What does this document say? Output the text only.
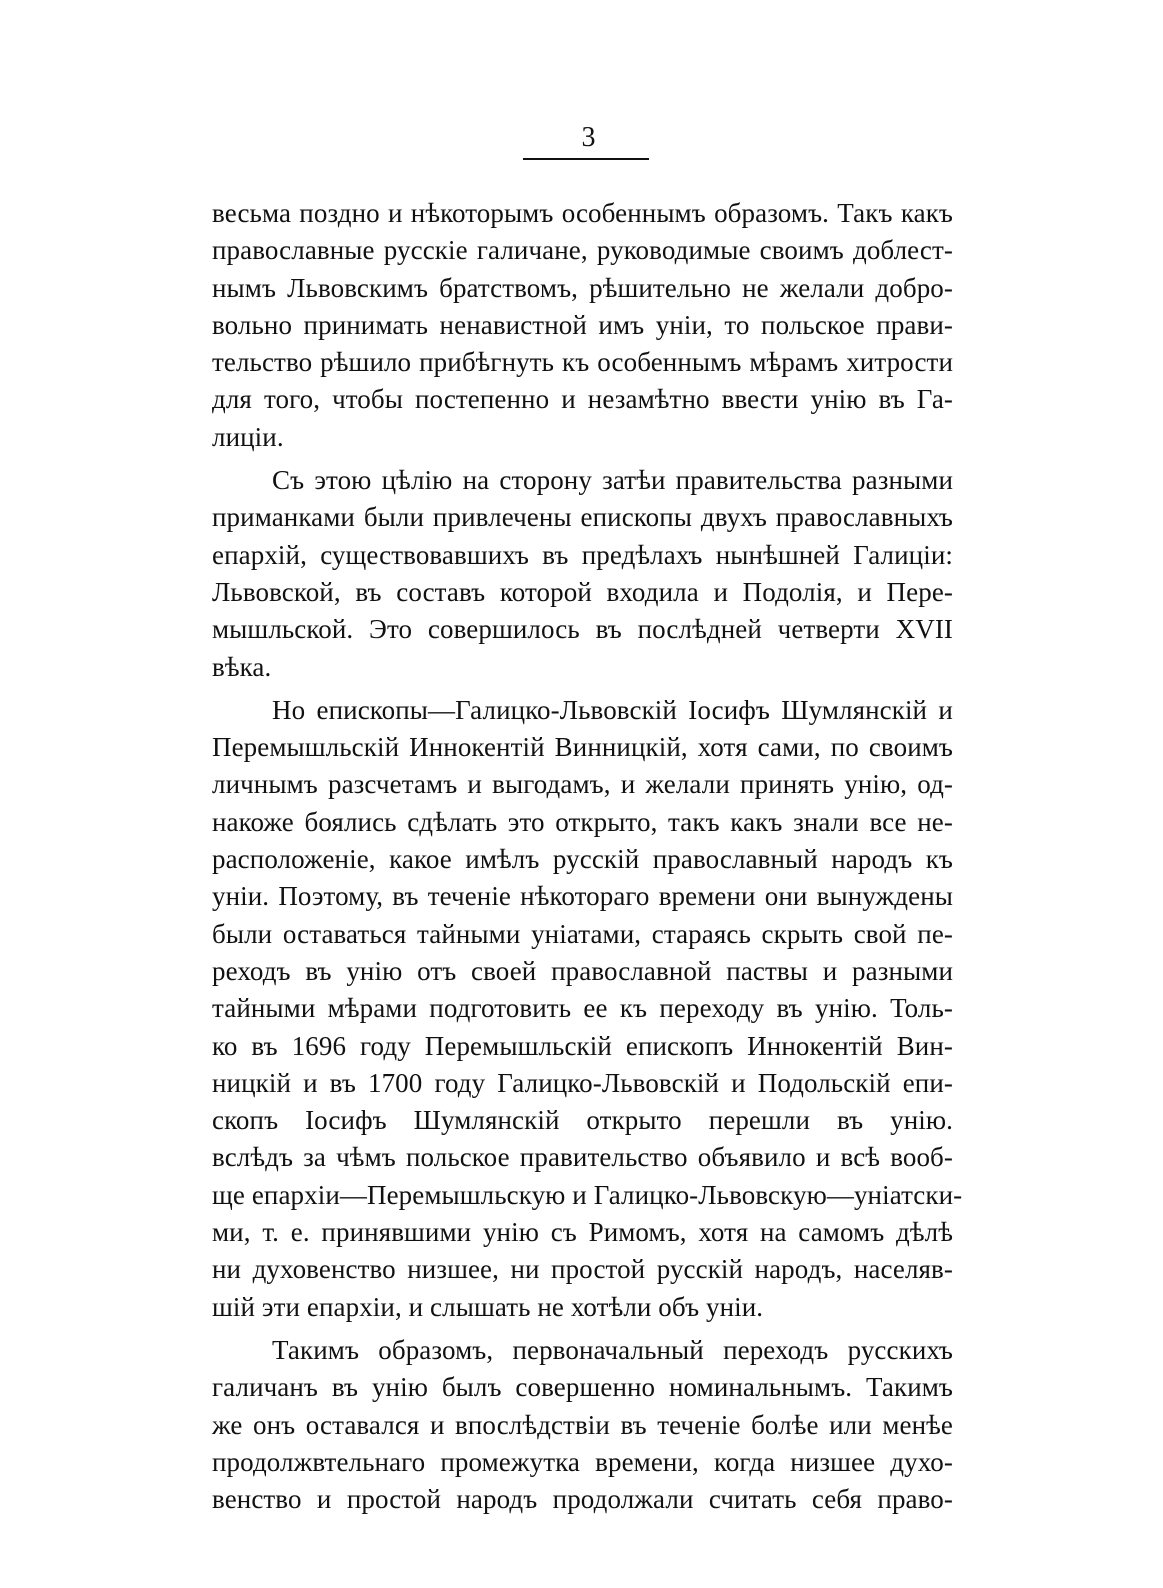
3
весьма поздно и нѣкоторымъ особеннымъ образомъ. Такъ какъ
православные русскіе галичане, руководимые своимъ доблест-
нымъ Львовскимъ братствомъ, рѣшительно не желали добро-
вольно принимать ненавистной имъ уніи, то польское прави-
тельство рѣшило прибѣгнуть къ особеннымъ мѣрамъ хитрости
для того, чтобы постепенно и незамѣтно ввести унію въ Га-
лиціи.
Съ этою цѣлію на сторону затѣи правительства разными
приманками были привлечены епископы двухъ православныхъ
епархій, существовавшихъ въ предѣлахъ нынѣшней Галиціи:
Львовской, въ составъ которой входила и Подолія, и Пере-
мышльской. Это совершилось въ послѣдней четверти XVII
вѣка.
Но епископы—Галицко-Львовскій Іосифъ Шумлянскій и
Перемышльскій Иннокентій Винницкій, хотя сами, по своимъ
личнымъ разсчетамъ и выгодамъ, и желали принять унію, од-
накоже боялись сдѣлать это открыто, такъ какъ знали все не-
расположеніе, какое имѣлъ русскій православный народъ къ
уніи. Поэтому, въ теченіе нѣкотораго времени они вынуждены
были оставаться тайными уніатами, стараясь скрыть свой пе-
реходъ въ унію отъ своей православной паствы и разными
тайными мѣрами подготовить ее къ переходу въ унію. Толь-
ко въ 1696 году Перемышльскій епископъ Иннокентій Вин-
ницкій и въ 1700 году Галицко-Львовскій и Подольскій епи-
скопъ Іосифъ Шумлянскій открыто перешли въ унію.
вслѣдъ за чѣмъ польское правительство объявило и всѣ вооб-
ще епархіи—Перемышльскую и Галицко-Львовскую—уніатски-
ми, т. е. принявшими унію съ Римомъ, хотя на самомъ дѣлѣ
ни духовенство низшее, ни простой русскій народъ, населяв-
шій эти епархіи, и слышать не хотѣли объ уніи.
Такимъ образомъ, первоначальный переходъ русскихъ
галичанъ въ унію былъ совершенно номинальнымъ. Такимъ
же онъ оставался и впослѣдствіи въ теченіе болѣе или менѣе
продолжвтельнаго промежутка времени, когда низшее духо-
венство и простой народъ продолжали считать себя право-
